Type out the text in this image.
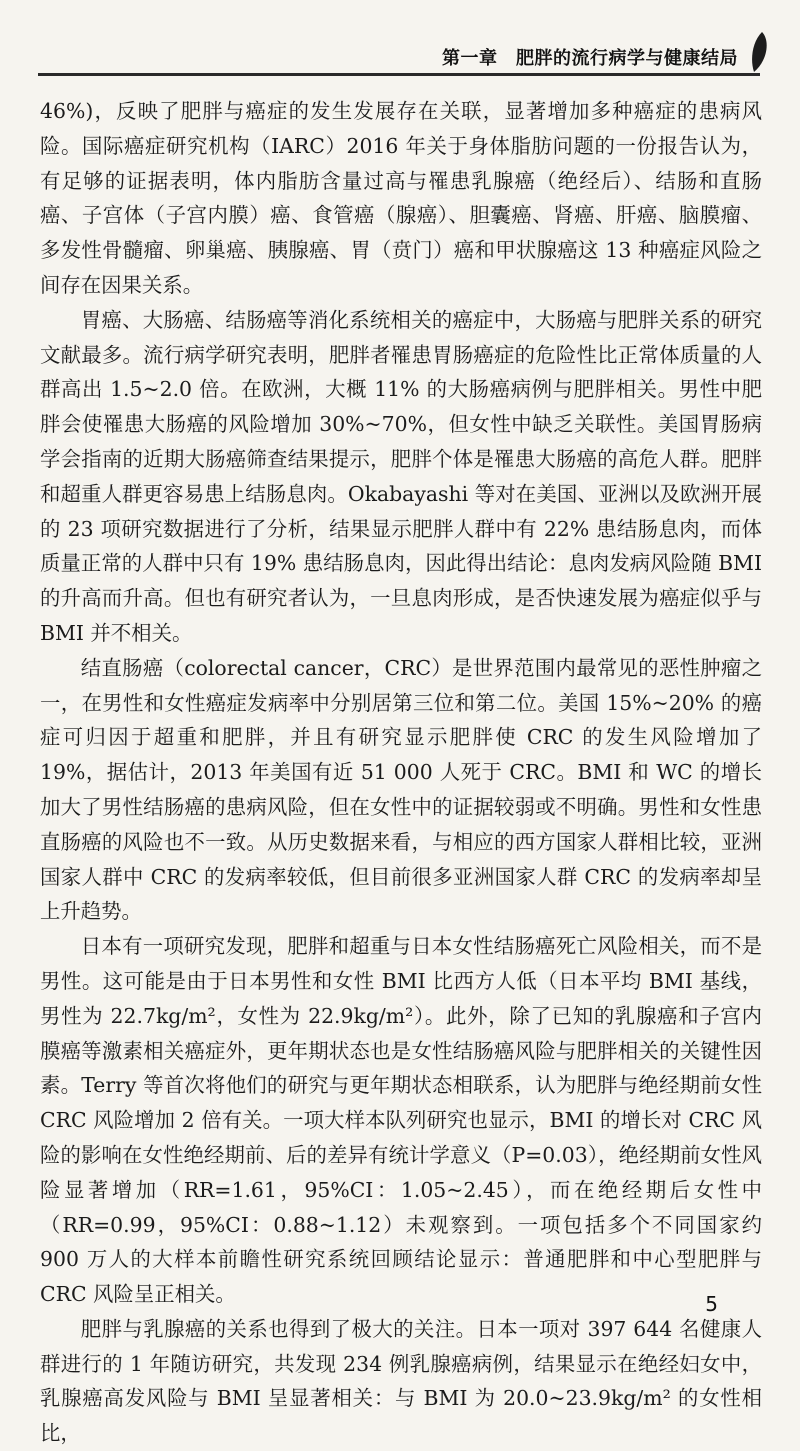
第一章　肥胖的流行病学与健康结局

46%)，反映了肥胖与癌症的发生发展存在关联，显著增加多种癌症的患病风险。国际癌症研究机构（IARC）2016 年关于身体脂肪问题的一份报告认为，有足够的证据表明，体内脂肪含量过高与罹患乳腺癌（绝经后）、结肠和直肠癌、子宫体（子宫内膜）癌、食管癌（腺癌）、胆囊癌、肾癌、肝癌、脑膜瘤、多发性骨髓瘤、卵巢癌、胰腺癌、胃（贲门）癌和甲状腺癌这 13 种癌症风险之间存在因果关系。

胃癌、大肠癌、结肠癌等消化系统相关的癌症中，大肠癌与肥胖关系的研究文献最多。流行病学研究表明，肥胖者罹患胃肠癌症的危险性比正常体质量的人群高出 1.5~2.0 倍。在欧洲，大概 11% 的大肠癌病例与肥胖相关。男性中肥胖会使罹患大肠癌的风险增加 30%~70%，但女性中缺乏关联性。美国胃肠病学会指南的近期大肠癌筛查结果提示，肥胖个体是罹患大肠癌的高危人群。肥胖和超重人群更容易患上结肠息肉。Okabayashi 等对在美国、亚洲以及欧洲开展的 23 项研究数据进行了分析，结果显示肥胖人群中有 22% 患结肠息肉，而体质量正常的人群中只有 19% 患结肠息肉，因此得出结论：息肉发病风险随 BMI 的升高而升高。但也有研究者认为，一旦息肉形成，是否快速发展为癌症似乎与 BMI 并不相关。

结直肠癌（colorectal cancer，CRC）是世界范围内最常见的恶性肿瘤之一，在男性和女性癌症发病率中分别居第三位和第二位。美国 15%~20% 的癌症可归因于超重和肥胖，并且有研究显示肥胖使 CRC 的发生风险增加了 19%，据估计，2013 年美国有近 51 000 人死于 CRC。BMI 和 WC 的增长加大了男性结肠癌的患病风险，但在女性中的证据较弱或不明确。男性和女性患直肠癌的风险也不一致。从历史数据来看，与相应的西方国家人群相比较，亚洲国家人群中 CRC 的发病率较低，但目前很多亚洲国家人群 CRC 的发病率却呈上升趋势。

日本有一项研究发现，肥胖和超重与日本女性结肠癌死亡风险相关，而不是男性。这可能是由于日本男性和女性 BMI 比西方人低（日本平均 BMI 基线，男性为 22.7kg/m²，女性为 22.9kg/m²）。此外，除了已知的乳腺癌和子宫内膜癌等激素相关癌症外，更年期状态也是女性结肠癌风险与肥胖相关的关键性因素。Terry 等首次将他们的研究与更年期状态相联系，认为肥胖与绝经期前女性 CRC 风险增加 2 倍有关。一项大样本队列研究也显示，BMI 的增长对 CRC 风险的影响在女性绝经期前、后的差异有统计学意义（P=0.03），绝经期前女性风险显著增加（RR=1.61，95%CI：1.05~2.45），而在绝经期后女性中（RR=0.99，95%CI：0.88~1.12）未观察到。一项包括多个不同国家约 900 万人的大样本前瞻性研究系统回顾结论显示：普通肥胖和中心型肥胖与 CRC 风险呈正相关。

肥胖与乳腺癌的关系也得到了极大的关注。日本一项对 397 644 名健康人群进行的 1 年随访研究，共发现 234 例乳腺癌病例，结果显示在绝经妇女中，乳腺癌高发风险与 BMI 呈显著相关：与 BMI 为 20.0~23.9kg/m² 的女性相比，

5
